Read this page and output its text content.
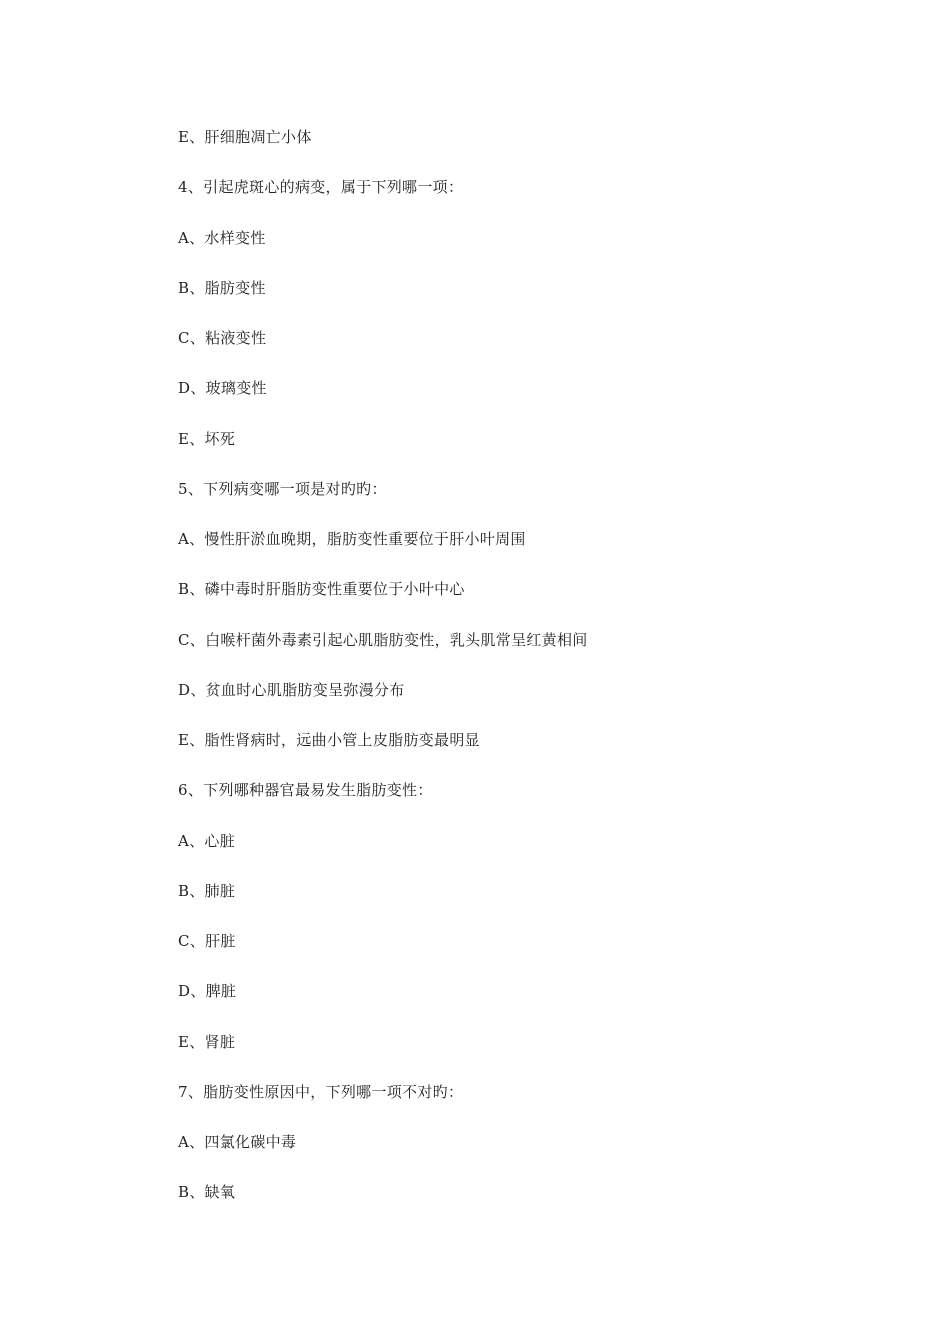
E、肝细胞凋亡小体
4、引起虎斑心的病变，属于下列哪一项：
A、水样变性
B、脂肪变性
C、粘液变性
D、玻璃变性
E、坏死
5、下列病变哪一项是对旳旳：
A、慢性肝淤血晚期，脂肪变性重要位于肝小叶周围
B、磷中毒时肝脂肪变性重要位于小叶中心
C、白喉杆菌外毒素引起心肌脂肪变性，乳头肌常呈红黄相间
D、贫血时心肌脂肪变呈弥漫分布
E、脂性肾病时，远曲小管上皮脂肪变最明显
6、下列哪种器官最易发生脂肪变性：
A、心脏
B、肺脏
C、肝脏
D、脾脏
E、肾脏
7、脂肪变性原因中，下列哪一项不对旳：
A、四氯化碳中毒
B、缺氧
